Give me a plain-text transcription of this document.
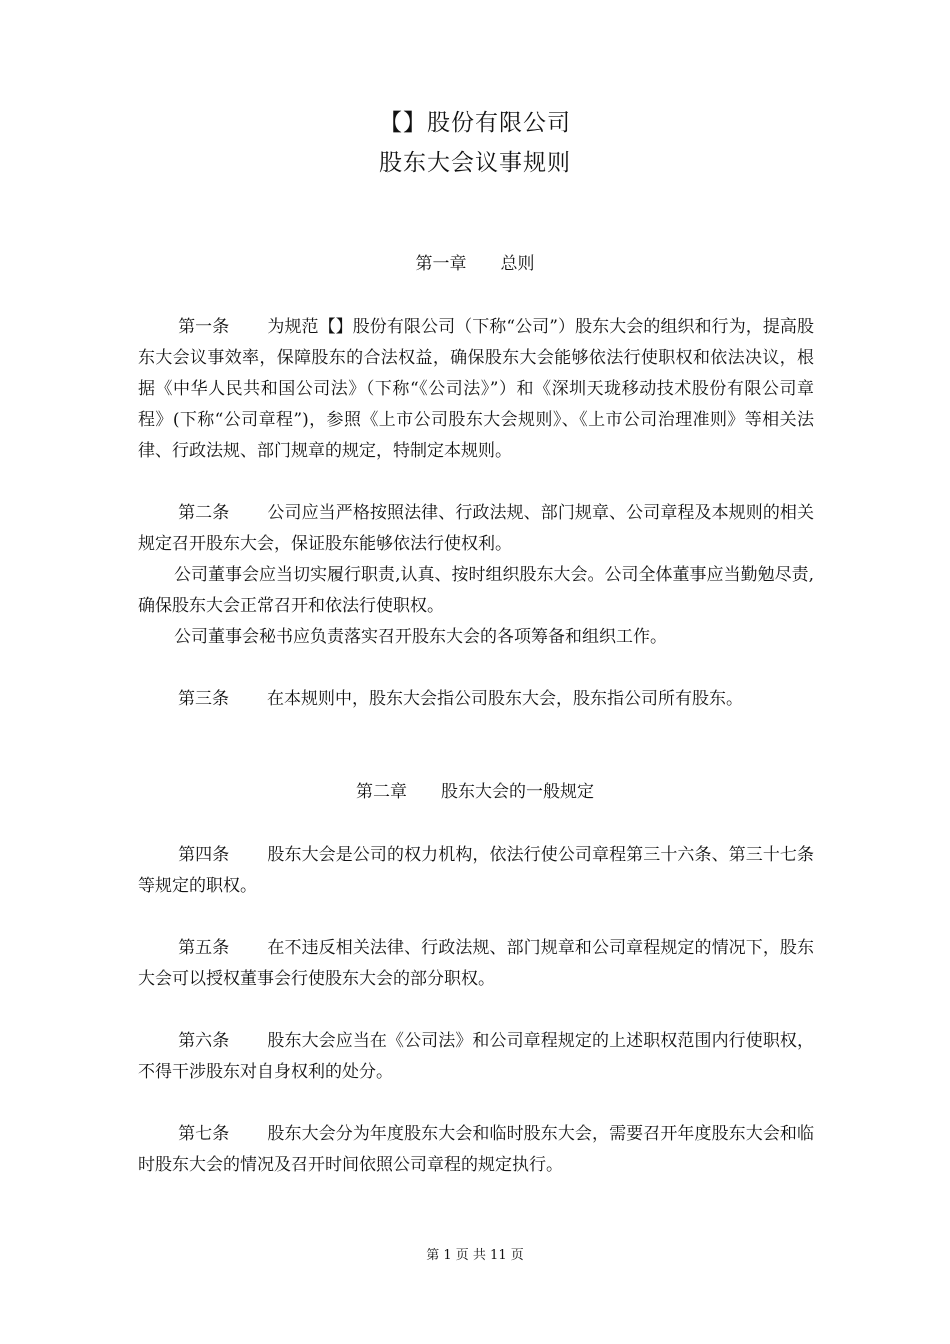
【】股份有限公司
股东大会议事规则
第一章 总则
第一条 为规范【】股份有限公司（下称“公司”）股东大会的组织和行为，提高股东大会议事效率，保障股东的合法权益，确保股东大会能够依法行使职权和依法决议，根据《中华人民共和国公司法》（下称“《公司法》”）和《深圳天珑移动技术股份有限公司章程》(下称“公司章程”)，参照《上市公司股东大会规则》、《上市公司治理准则》等相关法律、行政法规、部门规章的规定，特制定本规则。
第二条 公司应当严格按照法律、行政法规、部门规章、公司章程及本规则的相关规定召开股东大会，保证股东能够依法行使权利。
公司董事会应当切实履行职责,认真、按时组织股东大会。公司全体董事应当勤勉尽责,确保股东大会正常召开和依法行使职权。
公司董事会秘书应负责落实召开股东大会的各项筹备和组织工作。
第三条 在本规则中，股东大会指公司股东大会，股东指公司所有股东。
第二章 股东大会的一般规定
第四条 股东大会是公司的权力机构，依法行使公司章程第三十六条、第三十七条等规定的职权。
第五条 在不违反相关法律、行政法规、部门规章和公司章程规定的情况下，股东大会可以授权董事会行使股东大会的部分职权。
第六条 股东大会应当在《公司法》和公司章程规定的上述职权范围内行使职权，不得干涉股东对自身权利的处分。
第七条 股东大会分为年度股东大会和临时股东大会，需要召开年度股东大会和临时股东大会的情况及召开时间依照公司章程的规定执行。
第 1 页 共 11 页
